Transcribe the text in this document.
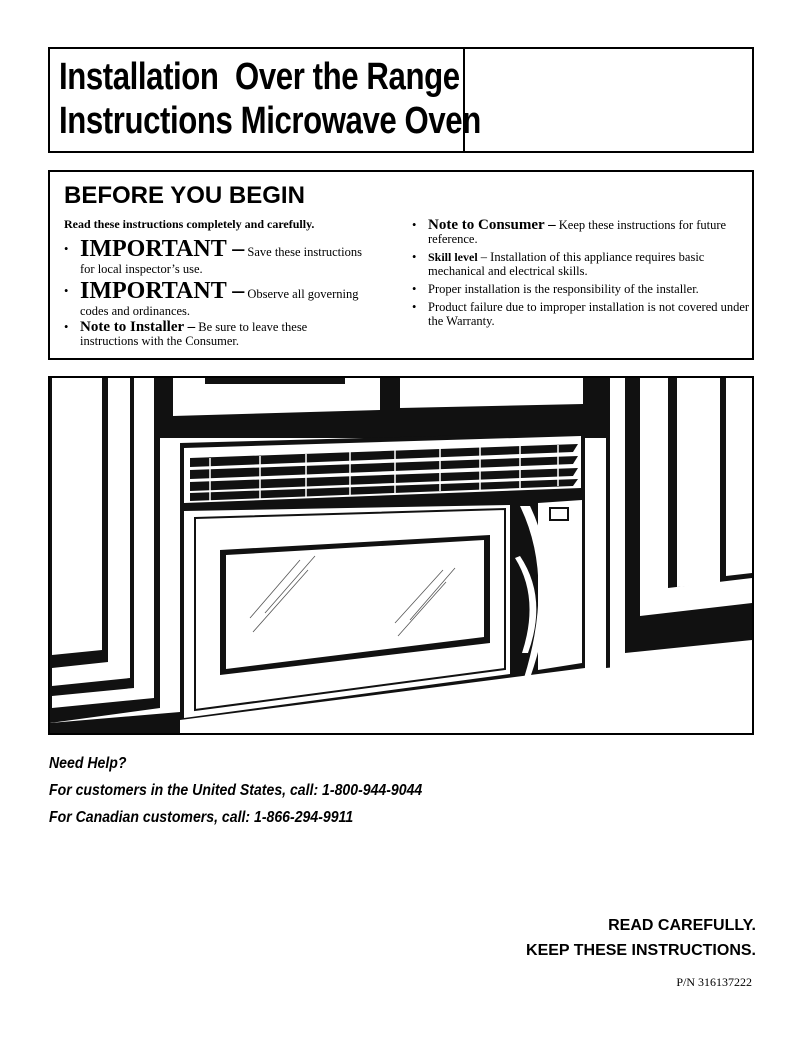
Installation  Over the Range
Instructions Microwave Oven
BEFORE YOU BEGIN
Read these instructions completely and carefully.
• IMPORTANT – Save these instructions for local inspector’s use.
• IMPORTANT – Observe all governing codes and ordinances.
• Note to Installer – Be sure to leave these instructions with the Consumer.
• Note to Consumer – Keep these instructions for future reference.
• Skill level – Installation of this appliance requires basic mechanical and electrical skills.
• Proper installation is the responsibility of the installer.
• Product failure due to improper installation is not covered under the Warranty.
Need Help?
For customers in the United States, call: 1-800-944-9044
For Canadian customers, call: 1-866-294-9911
READ CAREFULLY.
KEEP THESE INSTRUCTIONS.
P/N 316137222
